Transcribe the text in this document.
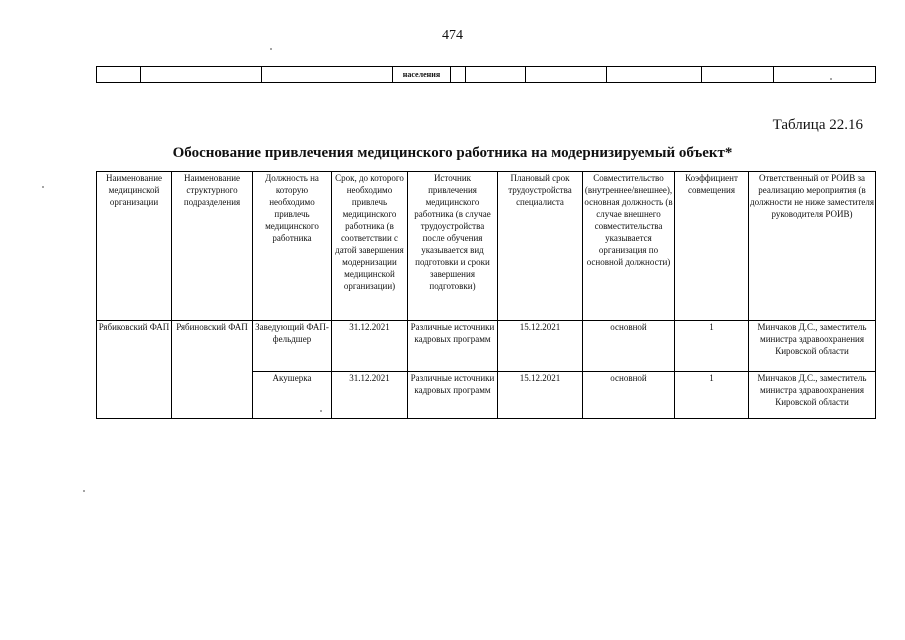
474
			населения						
Таблица 22.16
Обоснование привлечения медицинского работника на модернизируемый объект*
Наименование медицинской организации	Наименование структурного подразделения	Должность на которую необходимо привлечь медицинского работника	Срок, до которого необходимо привлечь медицинского работника (в соответствии с датой завершения модернизации медицинской организации)	Источник привлечения медицинского работника (в случае трудоустройства после обучения указывается вид подготовки и сроки завершения подготовки)	Плановый срок трудоустройства специалиста	Совместительство (внутреннее/внешнее), основная должность (в случае внешнего совместительства указывается организация по основной должности)	Коэффициент совмещения	Ответственный от РОИВ за реализацию мероприятия (в должности не ниже заместителя руководителя РОИВ)
Рябиковский ФАП	Рябиновский ФАП	Заведующий ФАП-фельдшер	31.12.2021	Различные источники кадровых программ	15.12.2021	основной	1	Минчаков Д.С., заместитель министра здравоохранения Кировской области
		Акушерка	31.12.2021	Различные источники кадровых программ	15.12.2021	основной	1	Минчаков Д.С., заместитель министра здравоохранения Кировской области
